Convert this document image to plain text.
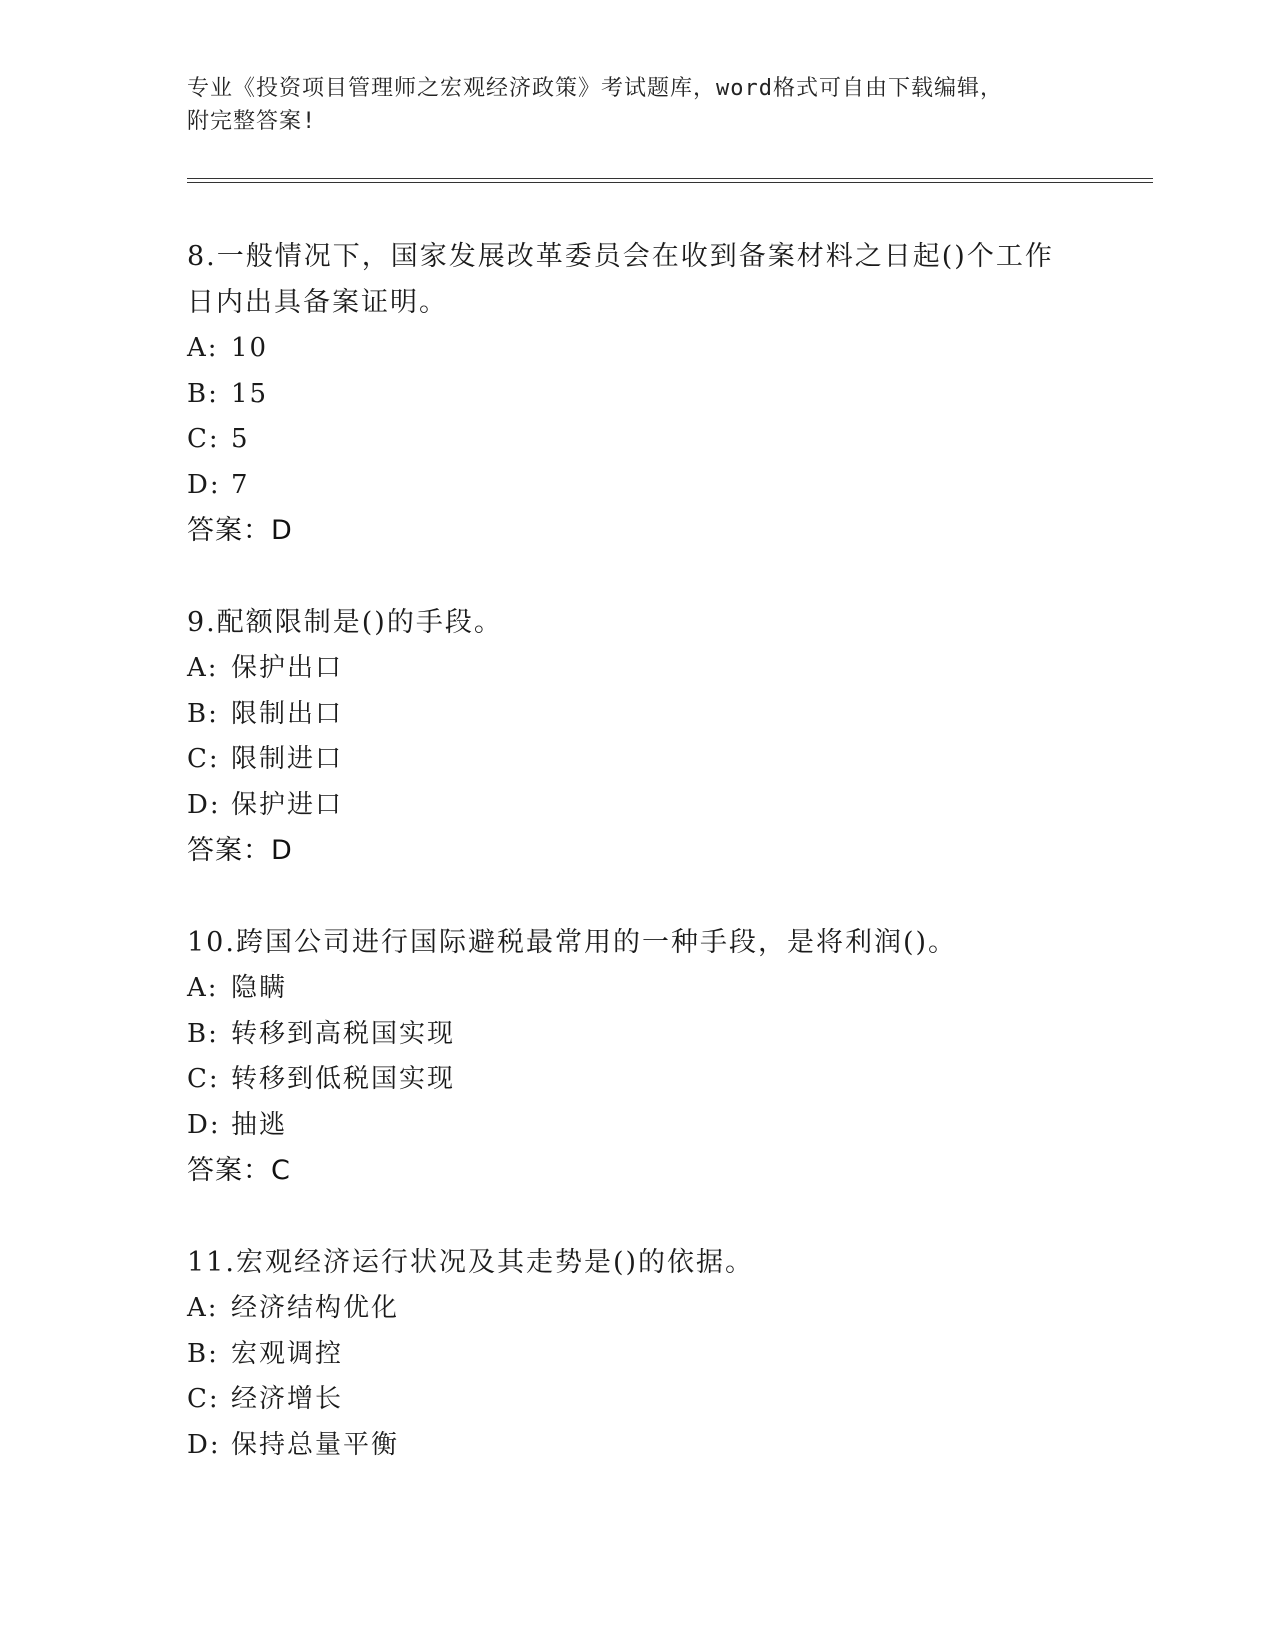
专业《投资项目管理师之宏观经济政策》考试题库，word格式可自由下载编辑，
附完整答案!
8.一般情况下，国家发展改革委员会在收到备案材料之日起()个工作
日内出具备案证明。
A: 10
B: 15
C: 5
D: 7
答案：D
9.配额限制是()的手段。
A: 保护出口
B: 限制出口
C: 限制进口
D: 保护进口
答案：D
10.跨国公司进行国际避税最常用的一种手段，是将利润()。
A: 隐瞒
B: 转移到高税国实现
C: 转移到低税国实现
D: 抽逃
答案：C
11.宏观经济运行状况及其走势是()的依据。
A: 经济结构优化
B: 宏观调控
C: 经济增长
D: 保持总量平衡
